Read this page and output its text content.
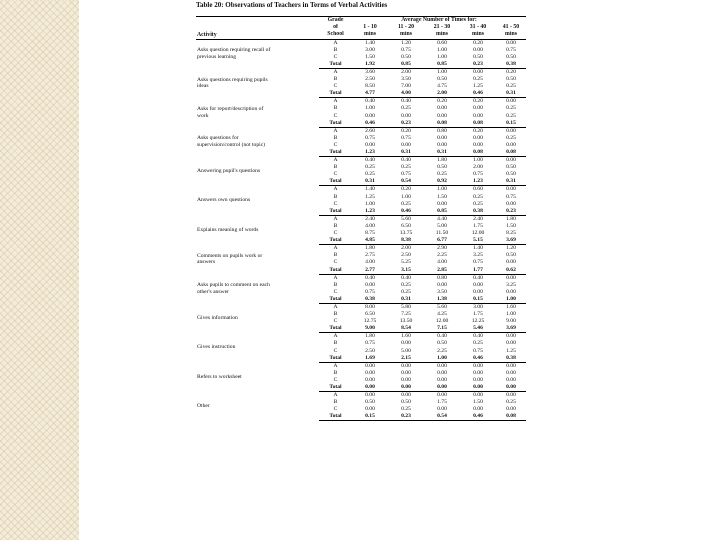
Table 20: Observations of Teachers in Terms of Verbal Activities
	Grade	Average Number of Times for:				
	of	1 - 10	11 - 20	21 - 30	31 - 40	41 - 50
Activity	School	mins	mins	mins	mins	mins

Asks question requiring recall of
previous learning	A	1.40	1.20	0.60	0.20	0.00
	B	3.00	0.75	1.00	0.00	0.75
	C	1.50	0.50	1.00	0.50	0.50
	Total	1.92	0.85	0.85	0.23	0.38

Asks questions requiring pupils
ideas	A	3.60	2.00	1.00	0.00	0.20
	B	2.50	3.50	0.50	0.25	0.50
	C	8.50	7.00	4.75	1.25	0.25
	Total	4.77	4.00	2.00	0.46	0.31

Asks for report/description of
work	A	0.40	0.40	0.20	0.20	0.00
	B	1.00	0.25	0.00	0.00	0.25
	C	0.00	0.00	0.00	0.00	0.25
	Total	0.46	0.23	0.08	0.08	0.15

Asks questions for
supervision/control (not topic)	A	2.60	0.20	0.80	0.20	0.00
	B	0.75	0.75	0.00	0.00	0.25
	C	0.00	0.00	0.00	0.00	0.00
	Total	1.23	0.31	0.31	0.08	0.08

Answering pupil's questions	A	0.40	0.40	1.80	1.00	0.00
	B	0.25	0.25	0.50	2.00	0.50
	C	0.25	0.75	0.25	0.75	0.50
	Total	0.31	0.54	0.92	1.23	0.31

Answers own questions	A	1.40	0.20	1.00	0.60	0.00
	B	1.25	1.00	1.50	0.25	0.75
	C	1.00	0.25	0.00	0.25	0.00
	Total	1.23	0.46	0.85	0.38	0.23

Explains meaning of words	A	2.40	5.60	4.40	2.40	1.80
	B	4.00	6.50	5.00	1.75	1.50
	C	8.75	13.75	11.50	12.00	8.25
	Total	4.85	8.38	6.77	5.15	3.69

Comments on pupils work or
answers	A	1.80	2.00	2.90	1.40	1.20
	B	2.75	2.50	2.25	3.25	0.50
	C	4.00	5.25	4.00	0.75	0.00
	Total	2.77	3.15	2.85	1.77	0.62

Asks pupils to comment on each
other's answer	A	0.40	0.40	0.80	0.40	0.00
	B	0.00	0.25	0.00	0.00	3.25
	C	0.75	0.25	3.50	0.00	0.00
	Total	0.38	0.31	1.38	0.15	1.00

Gives information	A	8.00	5.80	5.60	3.00	1.60
	B	6.50	7.25	4.25	1.75	1.00
	C	12.75	13.50	12.00	12.25	9.00
	Total	9.00	8.54	7.15	5.46	3.69

Gives instruction	A	1.80	1.60	0.40	0.40	0.00
	B	0.75	0.00	0.50	0.25	0.00
	C	2.50	5.00	2.25	0.75	1.25
	Total	1.69	2.15	1.00	0.46	0.38

Refers to worksheet	A	0.00	0.00	0.00	0.00	0.00
	B	0.00	0.00	0.00	0.00	0.00
	C	0.00	0.00	0.00	0.00	0.00
	Total	0.00	0.00	0.00	0.00	0.00

Other	A	0.00	0.00	0.00	0.00	0.00
	B	0.50	0.50	1.75	1.50	0.25
	C	0.00	0.25	0.00	0.00	0.00
	Total	0.15	0.23	0.54	0.46	0.08
